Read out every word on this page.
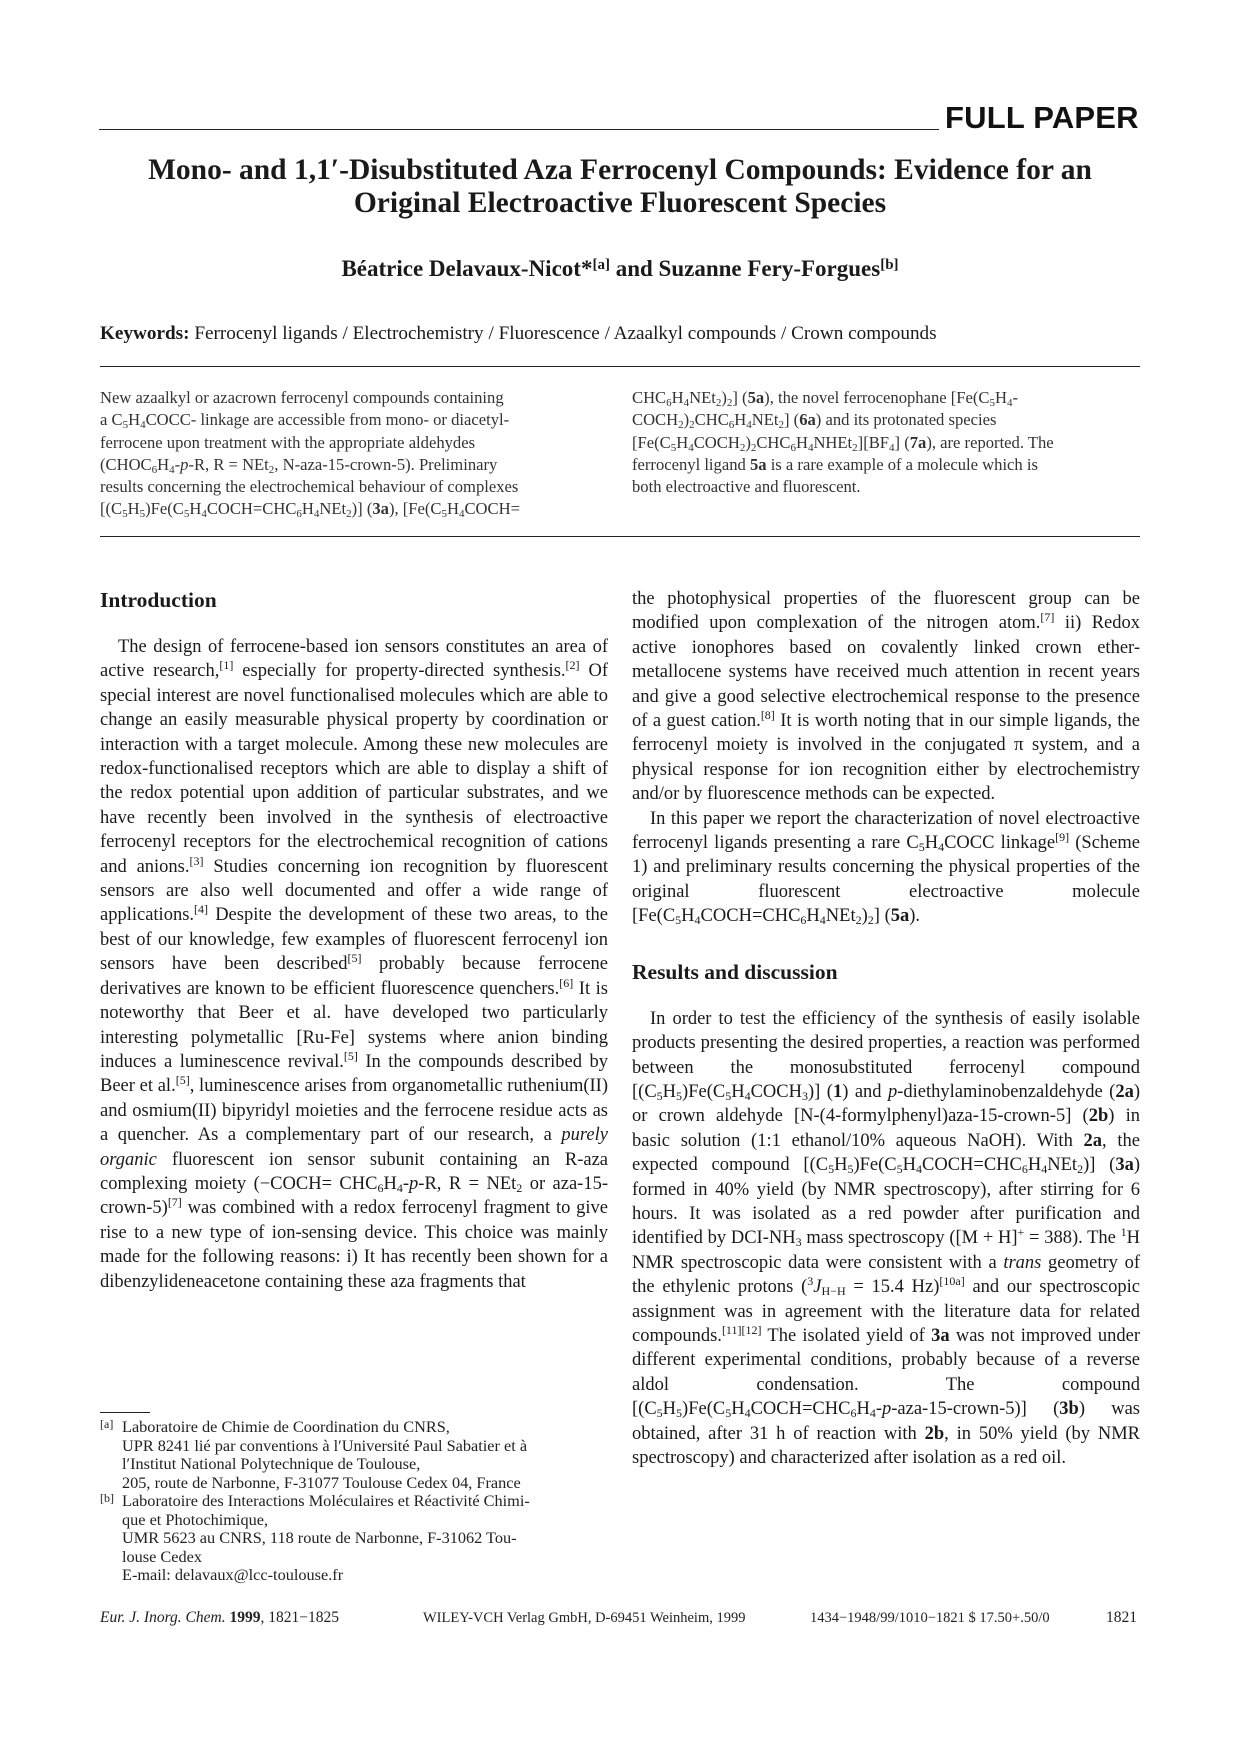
FULL PAPER
Mono- and 1,1′-Disubstituted Aza Ferrocenyl Compounds: Evidence for an
Original Electroactive Fluorescent Species
Béatrice Delavaux-Nicot*[a] and Suzanne Fery-Forgues[b]
Keywords: Ferrocenyl ligands / Electrochemistry / Fluorescence / Azaalkyl compounds / Crown compounds
New azaalkyl or azacrown ferrocenyl compounds containing
a $C_5H_4COCC-$ linkage are accessible from mono- or diacetyl-
ferrocene upon treatment with the appropriate aldehydes
($CHOC_6H_4-p-R$, R = NEt$_2$, N-aza-15-crown-5). Preliminary
results concerning the electrochemical behaviour of complexes
$[(C_5H_5)Fe(C_5H_4COCH=CHC_6H_4NEt_2)]$ (3a), [$Fe(C_5H_4COCH=$
$CHC_6H_4NEt_2)_2$] (5a), the novel ferrocenophane [$Fe(C_5H_4-$
$COCH_2)_2CHC_6H_4NEt_2$] (6a) and its protonated species
$[Fe(C_5H_4COCH_2)_2CHC_6H_4NHEt_2][BF_4]$ (7a), are reported. The
ferrocenyl ligand 5a is a rare example of a molecule which is
both electroactive and fluorescent.
Introduction

The design of ferrocene-based ion sensors constitutes an area of active research,[1] especially for property-directed synthesis.[2] Of special interest are novel functionalised molecules which are able to change an easily measurable physical property by coordination or interaction with a target molecule. Among these new molecules are redox-functionalised receptors which are able to display a shift of the redox potential upon addition of particular substrates, and we have recently been involved in the synthesis of electroactive ferrocenyl receptors for the electrochemical recognition of cations and anions.[3] Studies concerning ion recognition by fluorescent sensors are also well documented and offer a wide range of applications.[4] Despite the development of these two areas, to the best of our knowledge, few examples of fluorescent ferrocenyl ion sensors have been described[5] probably because ferrocene derivatives are known to be efficient fluorescence quenchers.[6] It is noteworthy that Beer et al. have developed two particularly interesting polymetallic [Ru-Fe] systems where anion binding induces a luminescence revival.[5] In the compounds described by Beer et al.[5], luminescence arises from organometallic ruthenium(II) and osmium(II) bipyridyl moieties and the ferrocene residue acts as a quencher. As a complementary part of our research, a purely organic fluorescent ion sensor subunit containing an R-aza complexing moiety (−COCH= $CHC_6H_4-p-R$, R = NEt$_2$ or aza-15-crown-5)[7] was combined with a redox ferrocenyl fragment to give rise to a new type of ion-sensing device. This choice was mainly made for the following reasons: i) It has recently been shown for a dibenzylideneacetone containing these aza fragments that

[a] Laboratoire de Chimie de Coordination du CNRS,
UPR 8241 lié par conventions à l′Université Paul Sabatier et à
l′Institut National Polytechnique de Toulouse,
205, route de Narbonne, F-31077 Toulouse Cedex 04, France
[b] Laboratoire des Interactions Moléculaires et Réactivité Chimi-
que et Photochimique,
UMR 5623 au CNRS, 118 route de Narbonne, F-31062 Tou-
louse Cedex
E-mail: delavaux@lcc-toulouse.fr

the photophysical properties of the fluorescent group can be modified upon complexation of the nitrogen atom.[7] ii) Redox active ionophores based on covalently linked crown ether-metallocene systems have received much attention in recent years and give a good selective electrochemical response to the presence of a guest cation.[8] It is worth noting that in our simple ligands, the ferrocenyl moiety is involved in the conjugated π system, and a physical response for ion recognition either by electrochemistry and/or by fluorescence methods can be expected.

In this paper we report the characterization of novel electroactive ferrocenyl ligands presenting a rare $C_5H_4COCC$ linkage[9] (Scheme 1) and preliminary results concerning the physical properties of the original fluorescent electroactive molecule $[Fe(C_5H_4COCH=CHC_6H_4NEt_2)_2]$ (5a).

Results and discussion

In order to test the efficiency of the synthesis of easily isolable products presenting the desired properties, a reaction was performed between the monosubstituted ferrocenyl compound $[(C_5H_5)Fe(C_5H_4COCH_3)]$ (1) and p-diethylaminobenzaldehyde (2a) or crown aldehyde [N-(4-formylphenyl)aza-15-crown-5] (2b) in basic solution (1:1 ethanol/10% aqueous NaOH). With 2a, the expected compound $[(C_5H_5)Fe(C_5H_4COCH=CHC_6H_4NEt_2)]$ (3a) formed in 40% yield (by NMR spectroscopy), after stirring for 6 hours. It was isolated as a red powder after purification and identified by DCI-$NH_3$ mass spectroscopy ([M + H]+ = 388). The $^1$H NMR spectroscopic data were consistent with a trans geometry of the ethylenic protons ($^3J_{H-H} = 15.4$ Hz)[10a] and our spectroscopic assignment was in agreement with the literature data for related compounds.[11][12] The isolated yield of 3a was not improved under different experimental conditions, probably because of a reverse aldol condensation. The compound $[(C_5H_5)Fe(C_5H_4COCH=CHC_6H_4-p-aza-15-crown-5)]$ (3b) was obtained, after 31 h of reaction with 2b, in 50% yield (by NMR spectroscopy) and characterized after isolation as a red oil.

Eur. J. Inorg. Chem. 1999, 1821−1825	WILEY-VCH Verlag GmbH, D-69451 Weinheim, 1999	1434−1948/99/1010−1821 $ 17.50+.50/0	1821
